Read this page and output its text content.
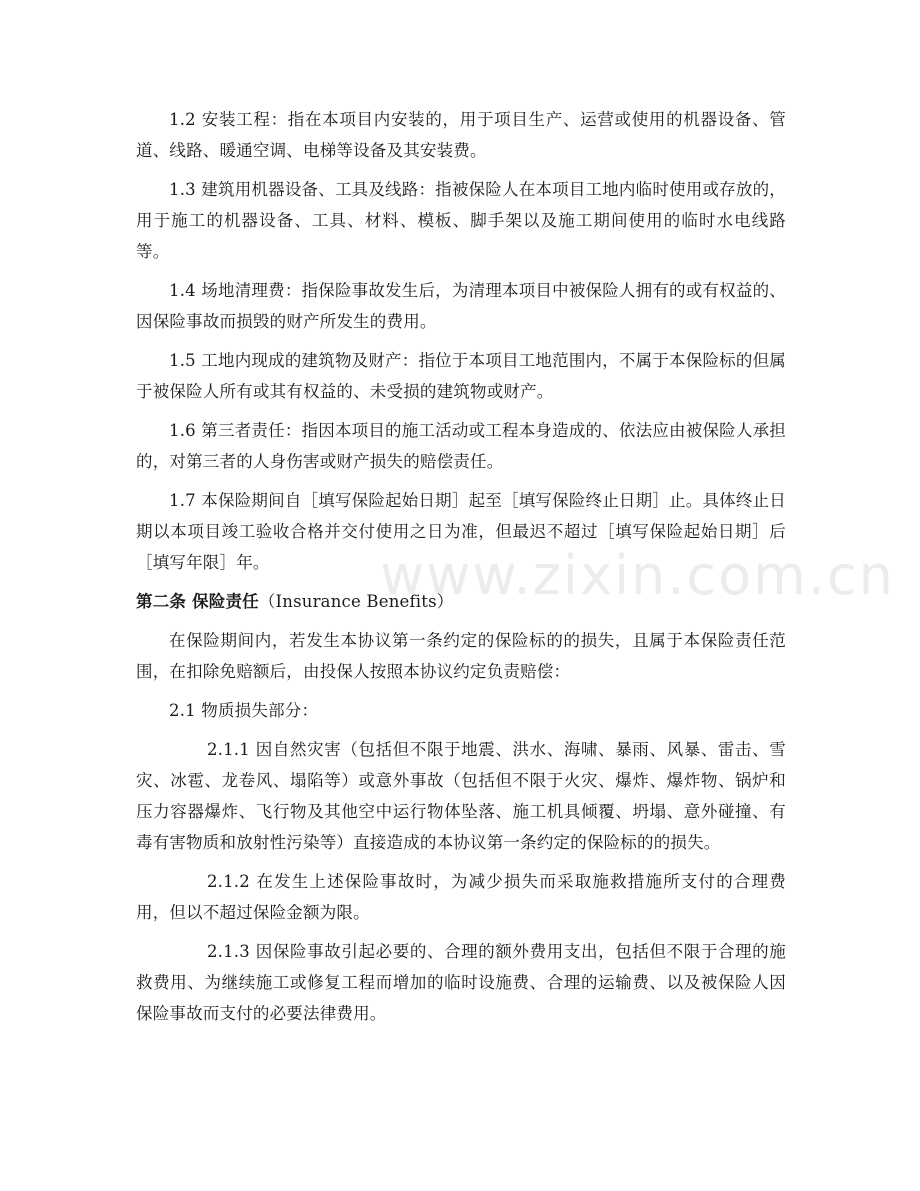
www.zixin.com.cn

1.2 安装工程：指在本项目内安装的，用于项目生产、运营或使用的机器设备、管道、线路、暖通空调、电梯等设备及其安装费。

1.3 建筑用机器设备、工具及线路：指被保险人在本项目工地内临时使用或存放的，用于施工的机器设备、工具、材料、模板、脚手架以及施工期间使用的临时水电线路等。

1.4 场地清理费：指保险事故发生后，为清理本项目中被保险人拥有的或有权益的、因保险事故而损毁的财产所发生的费用。

1.5 工地内现成的建筑物及财产：指位于本项目工地范围内，不属于本保险标的但属于被保险人所有或其有权益的、未受损的建筑物或财产。

1.6 第三者责任：指因本项目的施工活动或工程本身造成的、依法应由被保险人承担的，对第三者的人身伤害或财产损失的赔偿责任。

1.7 本保险期间自［填写保险起始日期］起至［填写保险终止日期］止。具体终止日期以本项目竣工验收合格并交付使用之日为准，但最迟不超过［填写保险起始日期］后［填写年限］年。

第二条 保险责任（Insurance Benefits）

在保险期间内，若发生本协议第一条约定的保险标的的损失，且属于本保险责任范围，在扣除免赔额后，由投保人按照本协议约定负责赔偿：

2.1 物质损失部分：

2.1.1 因自然灾害（包括但不限于地震、洪水、海啸、暴雨、风暴、雷击、雪灾、冰雹、龙卷风、塌陷等）或意外事故（包括但不限于火灾、爆炸、爆炸物、锅炉和压力容器爆炸、飞行物及其他空中运行物体坠落、施工机具倾覆、坍塌、意外碰撞、有毒有害物质和放射性污染等）直接造成的本协议第一条约定的保险标的的损失。

2.1.2 在发生上述保险事故时，为减少损失而采取施救措施所支付的合理费用，但以不超过保险金额为限。

2.1.3 因保险事故引起必要的、合理的额外费用支出，包括但不限于合理的施救费用、为继续施工或修复工程而增加的临时设施费、合理的运输费、以及被保险人因保险事故而支付的必要法律费用。
